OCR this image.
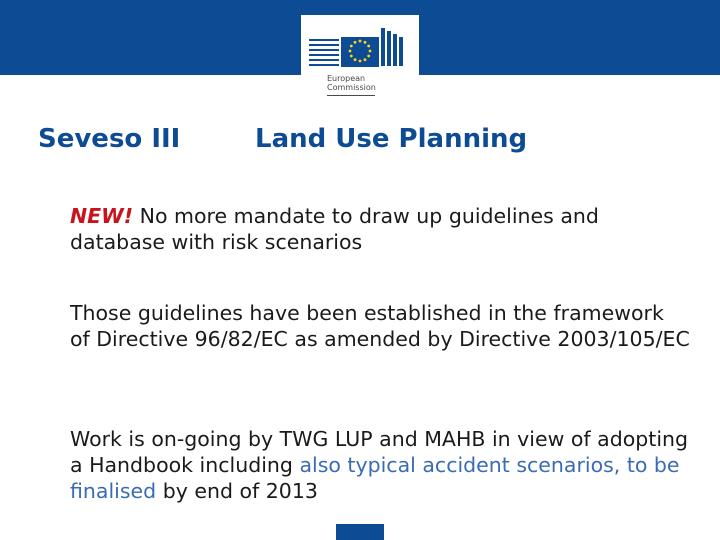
European
Commission
Seveso III	Land Use Planning
NEW! No more mandate to draw up guidelines and database with risk scenarios
Those guidelines have been established in the framework of Directive 96/82/EC as amended by Directive 2003/105/EC
Work is on-going by TWG LUP and MAHB in view of adopting a Handbook including also typical accident scenarios, to be finalised by end of 2013
